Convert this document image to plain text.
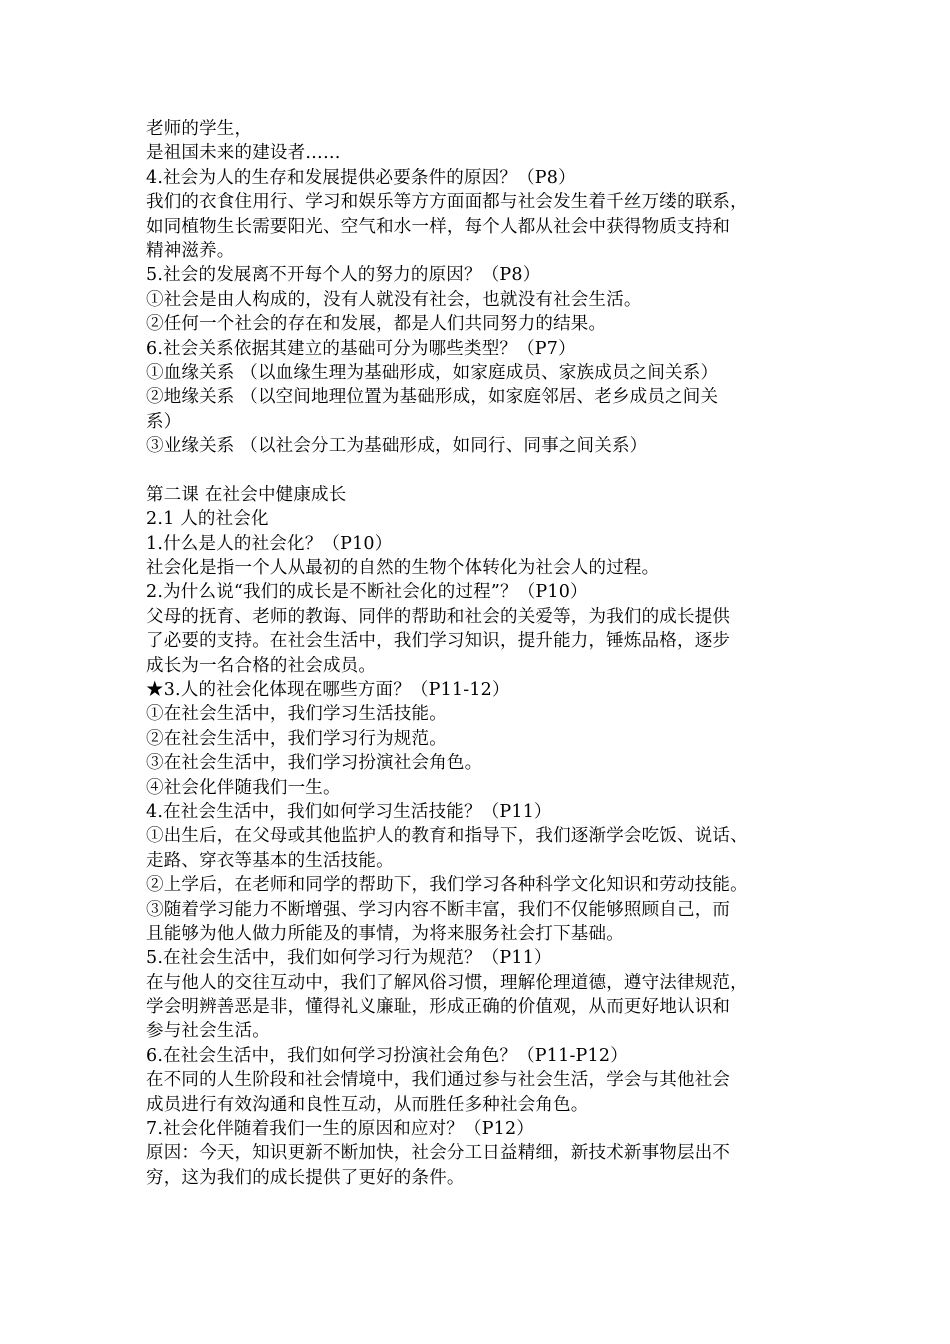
老师的学生，
是祖国未来的建设者……
4.社会为人的生存和发展提供必要条件的原因？（P8）
我们的衣食住用行、学习和娱乐等方方面面都与社会发生着千丝万缕的联系，
如同植物生长需要阳光、空气和水一样，每个人都从社会中获得物质支持和
精神滋养。
5.社会的发展离不开每个人的努力的原因？（P8）
①社会是由人构成的，没有人就没有社会，也就没有社会生活。
②任何一个社会的存在和发展，都是人们共同努力的结果。
6.社会关系依据其建立的基础可分为哪些类型？（P7）
①血缘关系 （以血缘生理为基础形成，如家庭成员、家族成员之间关系）
②地缘关系 （以空间地理位置为基础形成，如家庭邻居、老乡成员之间关
系）
③业缘关系 （以社会分工为基础形成，如同行、同事之间关系）
第二课 在社会中健康成长
2.1 人的社会化
1.什么是人的社会化？（P10）
社会化是指一个人从最初的自然的生物个体转化为社会人的过程。
2.为什么说“我们的成长是不断社会化的过程”？（P10）
父母的抚育、老师的教诲、同伴的帮助和社会的关爱等，为我们的成长提供
了必要的支持。在社会生活中，我们学习知识，提升能力，锤炼品格，逐步
成长为一名合格的社会成员。
★3.人的社会化体现在哪些方面？（P11-12）
①在社会生活中，我们学习生活技能。
②在社会生活中，我们学习行为规范。
③在社会生活中，我们学习扮演社会角色。
④社会化伴随我们一生。
4.在社会生活中，我们如何学习生活技能？（P11）
①出生后，在父母或其他监护人的教育和指导下，我们逐渐学会吃饭、说话、
走路、穿衣等基本的生活技能。
②上学后，在老师和同学的帮助下，我们学习各种科学文化知识和劳动技能。
③随着学习能力不断增强、学习内容不断丰富，我们不仅能够照顾自己，而
且能够为他人做力所能及的事情，为将来服务社会打下基础。
5.在社会生活中，我们如何学习行为规范？（P11）
在与他人的交往互动中，我们了解风俗习惯，理解伦理道德，遵守法律规范，
学会明辨善恶是非，懂得礼义廉耻，形成正确的价值观，从而更好地认识和
参与社会生活。
6.在社会生活中，我们如何学习扮演社会角色？（P11-P12）
在不同的人生阶段和社会情境中，我们通过参与社会生活，学会与其他社会
成员进行有效沟通和良性互动，从而胜任多种社会角色。
7.社会化伴随着我们一生的原因和应对？（P12）
原因：今天，知识更新不断加快，社会分工日益精细，新技术新事物层出不
穷，这为我们的成长提供了更好的条件。
